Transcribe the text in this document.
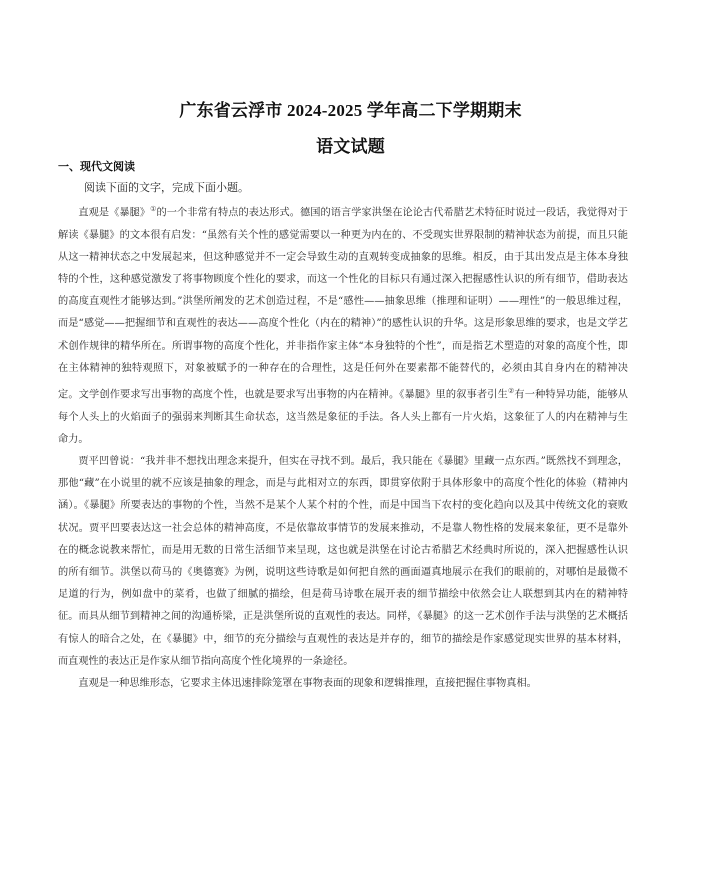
广东省云浮市 2024-2025 学年高二下学期期末
语文试题
一、现代文阅读
阅读下面的文字，完成下面小题。

直观是《暴腿》①的一个非常有特点的表达形式。德国的语言学家洪堡在论论古代希腊艺术特征时说过一段话，我觉得对于解读《暴腿》的文本很有启发：“虽然有关个性的感觉需要以一种更为内在的、不受现实世界限制的精神状态为前提，而且只能从这一精神状态之中发展起来，但这种感觉并不一定会导致生动的直观转变成抽象的思维。相反，由于其出发点是主体本身独特的个性，这种感觉激发了将事物顾度个性化的要求，而这一个性化的目标只有通过深入把握感性认识的所有细节，借助表达的高度直观性才能够达到。”洪堡所阐发的艺术创造过程，不是“感性——抽象思维（推理和证明）——理性”的一般思维过程，而是“感觉——把握细节和直观性的表达——高度个性化（内在的精神）”的感性认识的升华。这是形象思维的要求，也是文学艺术创作规律的精华所在。所谓事物的高度个性化，并非指作家主体“本身独特的个性”，而是指艺术塑造的对象的高度个性，即在主体精神的独特观照下，对象被赋予的一种存在的合理性，这是任何外在要素都不能替代的，必须由其自身内在的精神决定。文学创作要求写出事物的高度个性，也就是要求写出事物的内在精神。《暴腿》里的叙事者引生②有一种特异功能，能够从每个人头上的火焰面子的强弱来判断其生命状态，这当然是象征的手法。各人头上都有一片火焰，这象征了人的内在精神与生命力。

贾平凹曾说：“我并非不想找出理念来提升，但实在寻找不到。最后，我只能在《暴腿》里藏一点东西。”既然找不到理念，那他“藏”在小说里的就不应该是抽象的理念，而是与此相对立的东西，即贯穿依附于具体形象中的高度个性化的体验（精神内涵）。《暴腿》所要表达的事物的个性，当然不是某个人某个村的个性，而是中国当下农村的变化趋向以及其中传统文化的衰败状况。贾平凹要表达这一社会总体的精神高度，不是依靠故事情节的发展来推动，不是靠人物性格的发展来象征，更不是靠外在的概念说教来帮忙，而是用无数的日常生活细节来呈现，这也就是洪堡在讨论古希腊艺术经典时所说的，深入把握感性认识的所有细节。洪堡以荷马的《奥德赛》为例，说明这些诗歌是如何把自然的画面逼真地展示在我们的眼前的，对哪怕是最微不足道的行为，例如盘中的菜肴，也做了细腻的描绘，但是荷马诗歌在展开表的细节描绘中依然会让人联想到其内在的精神特征。而具从细节到精神之间的沟通桥梁，正是洪堡所说的直观性的表达。同样，《暴腿》的这一艺术创作手法与洪堡的艺术概括有惊人的暗合之处，在《暴腿》中，细节的充分描绘与直观性的表达是并存的，细节的描绘是作家感觉现实世界的基本材料，而直观性的表达正是作家从细节指向高度个性化境界的一条途径。

直观是一种思维形态，它要求主体迅速排除笼罩在事物表面的现象和逻辑推理，直接把握住事物真相。
